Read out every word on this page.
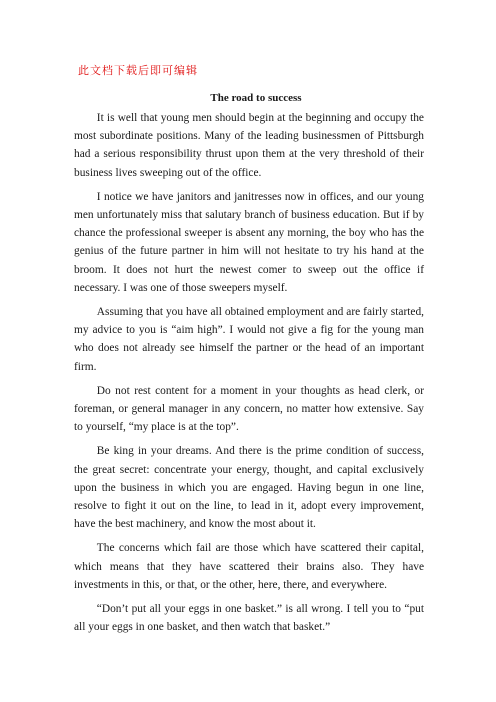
此文档下载后即可编辑
The road to success

It is well that young men should begin at the beginning and occupy the most subordinate positions. Many of the leading businessmen of Pittsburgh had a serious responsibility thrust upon them at the very threshold of their business lives sweeping out of the office.

I notice we have janitors and janitresses now in offices, and our young men unfortunately miss that salutary branch of business education. But if by chance the professional sweeper is absent any morning, the boy who has the genius of the future partner in him will not hesitate to try his hand at the broom. It does not hurt the newest comer to sweep out the office if necessary. I was one of those sweepers myself.

Assuming that you have all obtained employment and are fairly started, my advice to you is “aim high”. I would not give a fig for the young man who does not already see himself the partner or the head of an important firm.

Do not rest content for a moment in your thoughts as head clerk, or foreman, or general manager in any concern, no matter how extensive. Say to yourself, “my place is at the top”.

Be king in your dreams. And there is the prime condition of success, the great secret: concentrate your energy, thought, and capital exclusively upon the business in which you are engaged. Having begun in one line, resolve to fight it out on the line, to lead in it, adopt every improvement, have the best machinery, and know the most about it.

The concerns which fail are those which have scattered their capital, which means that they have scattered their brains also. They have investments in this, or that, or the other, here, there, and everywhere.

“Don’t put all your eggs in one basket.” is all wrong. I tell you to “put all your eggs in one basket, and then watch that basket.”
